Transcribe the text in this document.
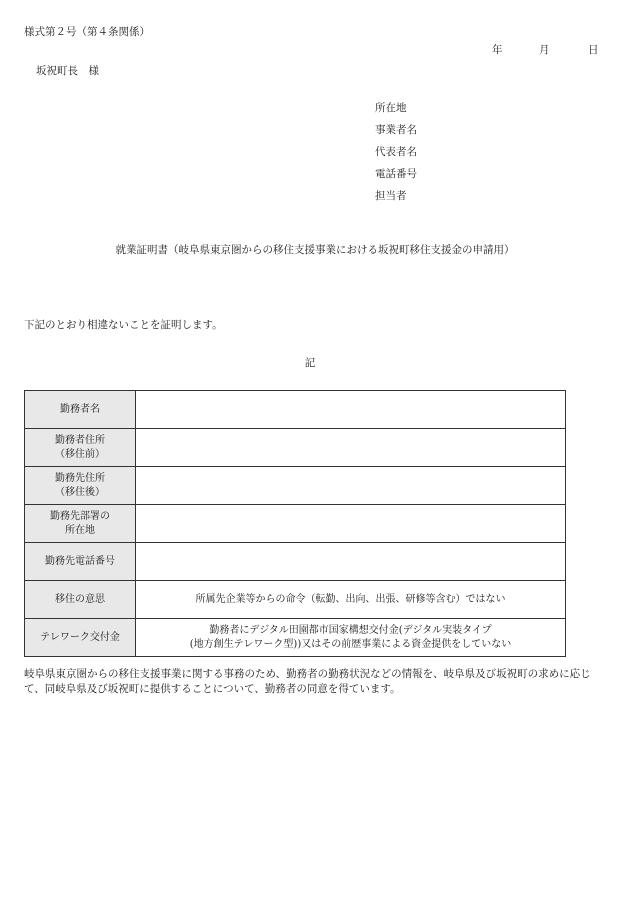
様式第２号（第４条関係）
年	月	日
坂祝町長　様
所在地
事業者名
代表者名
電話番号
担当者
就業証明書（岐阜県東京圏からの移住支援事業における坂祝町移住支援金の申請用）
下記のとおり相違ないことを証明します。
記
勤務者名	

勤務者住所
（移住前）	

勤務先住所
（移住後）	

勤務先部署の
所在地	

勤務先電話番号	

移住の意思	所属先企業等からの命令（転勤、出向、出張、研修等含む）ではない

テレワーク交付金	勤務者にデジタル田園都市国家構想交付金(デジタル実装タイプ
(地方創生テレワーク型))又はその前歴事業による資金提供をしていない
岐阜県東京圏からの移住支援事業に関する事務のため、勤務者の勤務状況などの情報を、岐阜県及び坂祝町の求めに応じて、同岐阜県及び坂祝町に提供することについて、勤務者の同意を得ています。
